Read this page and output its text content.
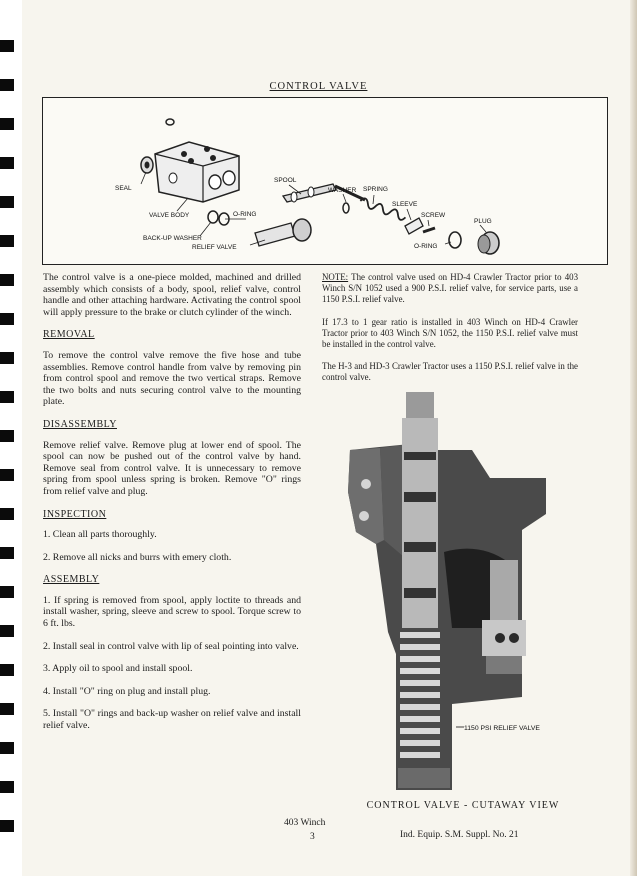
CONTROL VALVE
SEAL
VALVE BODY
BACK-UP WASHER
RELIEF VALVE
O-RING
SPOOL
WASHER SPRING
SLEEVE
SCREW
PLUG
O-RING

The control valve is a one-piece molded, machined and drilled assembly which consists of a body, spool, relief valve, control handle and other attaching hardware. Activating the control spool will apply pressure to the brake or clutch cylinder of the winch.

REMOVAL

To remove the control valve remove the five hose and tube assemblies. Remove control handle from valve by removing pin from control spool and remove the two vertical straps. Remove the two bolts and nuts securing control valve to the mounting plate.

DISASSEMBLY

Remove relief valve. Remove plug at lower end of spool. The spool can now be pushed out of the control valve by hand. Remove seal from control valve. It is unnecessary to remove spring from spool unless spring is broken. Remove "O" rings from relief valve and plug.

INSPECTION

1. Clean all parts thoroughly.

2. Remove all nicks and burrs with emery cloth.

ASSEMBLY

1. If spring is removed from spool, apply loctite to threads and install washer, spring, sleeve and screw to spool. Torque screw to 6 ft. lbs.

2. Install seal in control valve with lip of seal pointing into valve.

3. Apply oil to spool and install spool.

4. Install "O" ring on plug and install plug.

5. Install "O" rings and back-up washer on relief valve and install relief valve.

NOTE: The control valve used on HD-4 Crawler Tractor prior to 403 Winch S/N 1052 used a 900 P.S.I. relief valve, for service parts, use a 1150 P.S.I. relief valve.

If 17.3 to 1 gear ratio is installed in 403 Winch on HD-4 Crawler Tractor prior to 403 Winch S/N 1052, the 1150 P.S.I. relief valve must be installed in the control valve.

The H-3 and HD-3 Crawler Tractor uses a 1150 P.S.I. relief valve in the control valve.

1150 PSI RELIEF VALVE
CONTROL VALVE - CUTAWAY VIEW
403 Winch
3	Ind. Equip. S.M. Suppl. No. 21
